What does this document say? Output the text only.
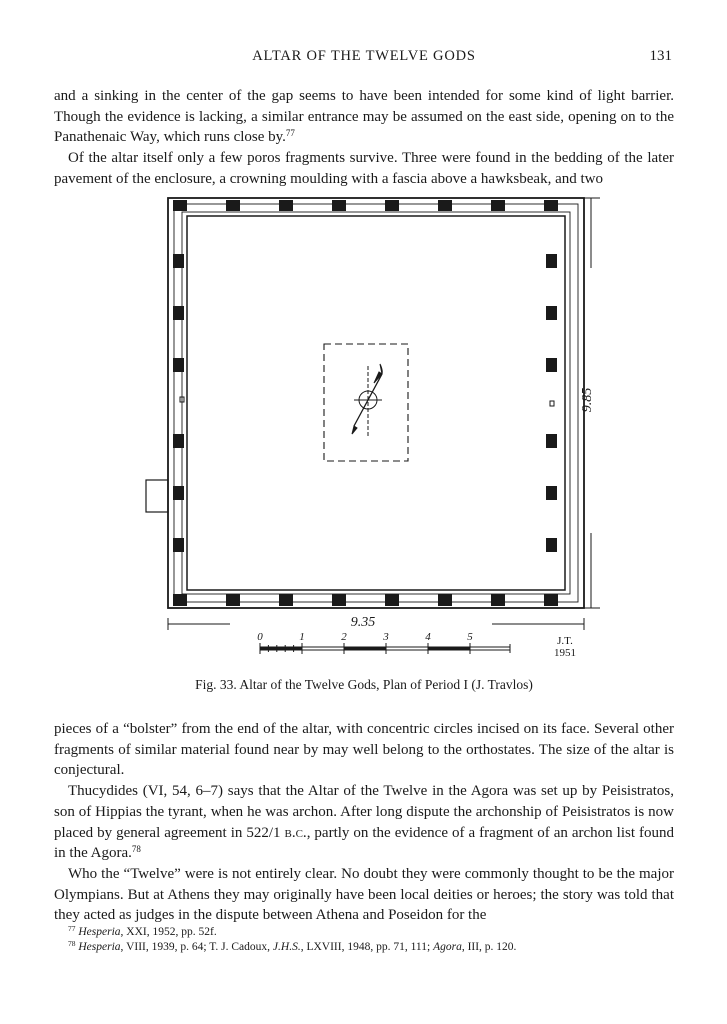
ALTAR OF THE TWELVE GODS	131

and a sinking in the center of the gap seems to have been intended for some kind of light barrier. Though the evidence is lacking, a similar entrance may be assumed on the east side, opening on to the Panathenaic Way, which runs close by.$^{77}$

Of the altar itself only a few poros fragments survive. Three were found in the bedding of the later pavement of the enclosure, a crowning moulding with a fascia above a hawksbeak, and two

9.85
9.35
0	1	2	3	4	5	J.T.
1951
Fig. 33. Altar of the Twelve Gods, Plan of Period I (J. Travlos)

pieces of a “bolster” from the end of the altar, with concentric circles incised on its face. Several other fragments of similar material found near by may well belong to the orthostates. The size of the altar is conjectural.

Thucydides (VI, 54, 6–7) says that the Altar of the Twelve in the Agora was set up by Peisistratos, son of Hippias the tyrant, when he was archon. After long dispute the archonship of Peisistratos is now placed by general agreement in 522/1 b.c., partly on the evidence of a fragment of an archon list found in the Agora.$^{78}$

Who the “Twelve” were is not entirely clear. No doubt they were commonly thought to be the major Olympians. But at Athens they may originally have been local deities or heroes; the story was told that they acted as judges in the dispute between Athena and Poseidon for the

$^{77}$ Hesperia, XXI, 1952, pp. 52f.

$^{78}$ Hesperia, VIII, 1939, p. 64; T. J. Cadoux, J.H.S., LXVIII, 1948, pp. 71, 111; Agora, III, p. 120.
